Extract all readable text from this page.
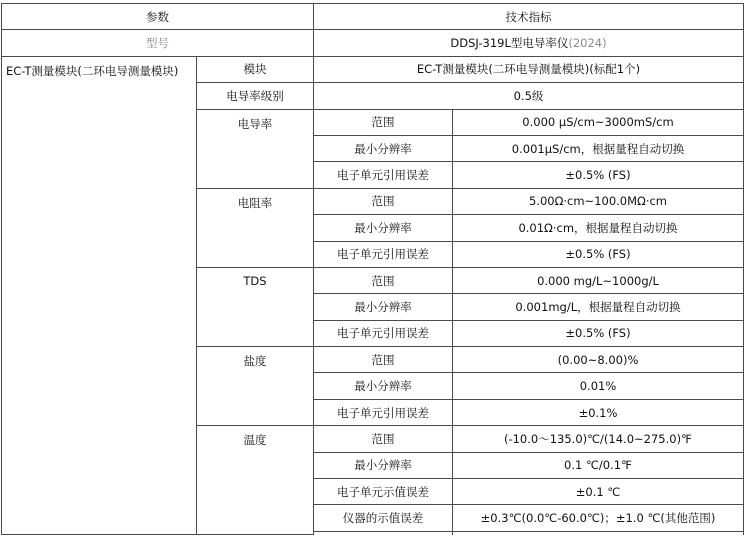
参数		技术指标		
型号		DDSJ-319L型电导率仪(2024)		
EC-T测量模块(二环电导测量模块)	模块	EC-T测量模块(二环电导测量模块)(标配1个)		
	电导率级别	0.5级		
	电导率	范围	0.000 μS/cm~3000mS/cm	
		最小分辨率	0.001μS/cm，根据量程自动切换	
		电子单元引用误差	±0.5% (FS)	
	电阻率	范围	5.00Ω·cm~100.0MΩ·cm	
		最小分辨率	0.01Ω·cm，根据量程自动切换	
		电子单元引用误差	±0.5% (FS)	
	TDS	范围	0.000 mg/L~1000g/L	
		最小分辨率	0.001mg/L，根据量程自动切换	
		电子单元引用误差	±0.5% (FS)	
	盐度	范围	(0.00~8.00)%	
		最小分辨率	0.01%	
		电子单元引用误差	±0.1%	
	温度	范围	(-10.0～135.0)℃/(14.0~275.0)℉	
		最小分辨率	0.1 ℃/0.1℉	
		电子单元示值误差	±0.1 ℃	
		仪器的示值误差	±0.3℃(0.0℃-60.0℃)；±1.0 ℃(其他范围)	
